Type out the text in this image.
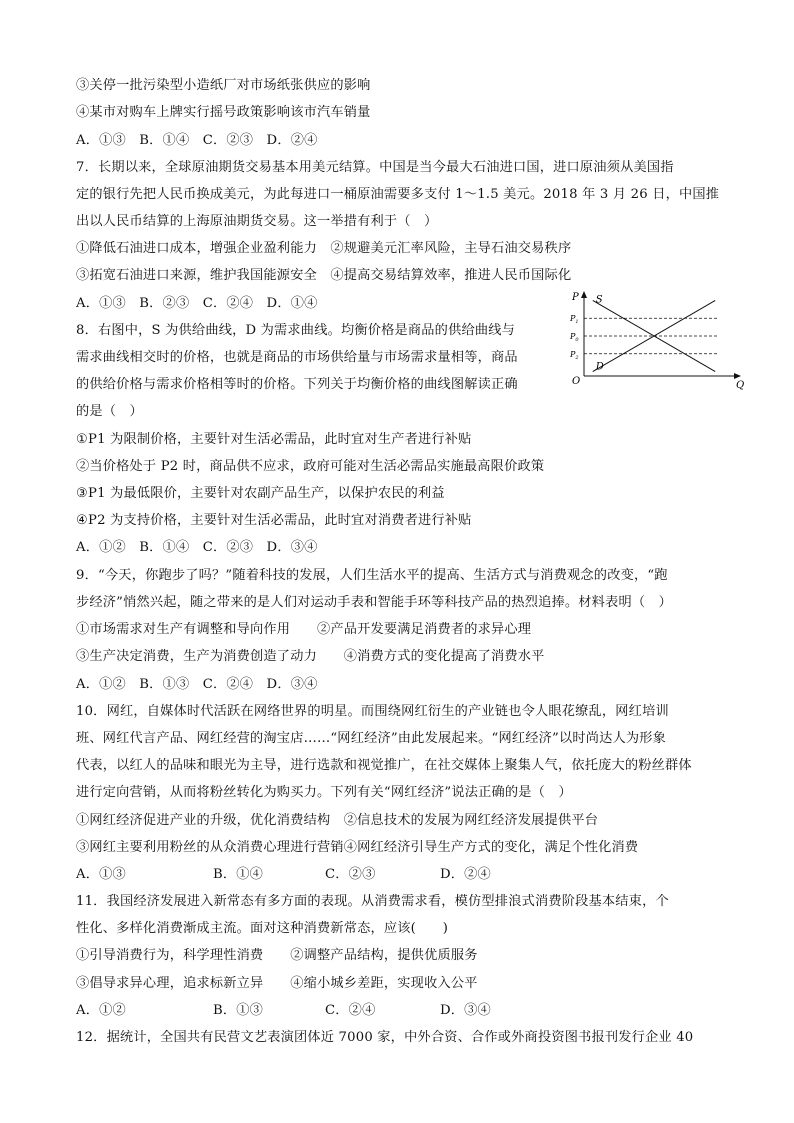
③关停一批污染型小造纸厂对市场纸张供应的影响
④某市对购车上牌实行摇号政策影响该市汽车销量
A．①③　B．①④　C．②③　D．②④
7．长期以来，全球原油期货交易基本用美元结算。中国是当今最大石油进口国，进口原油须从美国指
定的银行先把人民币换成美元，为此每进口一桶原油需要多支付 1～1.5 美元。2018 年 3 月 26 日，中国推
出以人民币结算的上海原油期货交易。这一举措有利于（　）
①降低石油进口成本，增强企业盈利能力　②规避美元汇率风险，主导石油交易秩序
③拓宽石油进口来源，维护我国能源安全　④提高交易结算效率，推进人民币国际化
A．①③　B．②③　C．②④　D．①④
8．右图中，S 为供给曲线，D 为需求曲线。均衡价格是商品的供给曲线与
需求曲线相交时的价格，也就是商品的市场供给量与市场需求量相等，商品
的供给价格与需求价格相等时的价格。下列关于均衡价格的曲线图解读正确
的是（　）
①P1 为限制价格，主要针对生活必需品，此时宜对生产者进行补贴
②当价格处于 P2 时，商品供不应求，政府可能对生活必需品实施最高限价政策
③P1 为最低限价，主要针对农副产品生产，以保护农民的利益
④P2 为支持价格，主要针对生活必需品，此时宜对消费者进行补贴
A．①②　B．①④　C．②③　D．③④
9．“今天，你跑步了吗？”随着科技的发展，人们生活水平的提高、生活方式与消费观念的改变，“跑
步经济”悄然兴起，随之带来的是人们对运动手表和智能手环等科技产品的热烈追捧。材料表明（　）
①市场需求对生产有调整和导向作用　　②产品开发要满足消费者的求异心理
③生产决定消费，生产为消费创造了动力　　④消费方式的变化提高了消费水平
A．①②　B．①③　C．②④　D．③④
10．网红，自媒体时代活跃在网络世界的明星。而围绕网红衍生的产业链也令人眼花缭乱，网红培训
班、网红代言产品、网红经营的淘宝店……“网红经济”由此发展起来。“网红经济”以时尚达人为形象
代表，以红人的品味和眼光为主导，进行选款和视觉推广，在社交媒体上聚集人气，依托庞大的粉丝群体
进行定向营销，从而将粉丝转化为购买力。下列有关“网红经济”说法正确的是（　）
①网红经济促进产业的升级，优化消费结构　②信息技术的发展为网红经济发展提供平台
③网红主要利用粉丝的从众消费心理进行营销④网红经济引导生产方式的变化，满足个性化消费
A．①③	B．①④	C．②③	D．②④
11．我国经济发展进入新常态有多方面的表现。从消费需求看，模仿型排浪式消费阶段基本结束，个
性化、多样化消费渐成主流。面对这种消费新常态，应该(　　)
①引导消费行为，科学理性消费　　②调整产品结构，提供优质服务
③倡导求异心理，追求标新立异　　④缩小城乡差距，实现收入公平
A．①②	B．①③	C．②④	D．③④
12．据统计，全国共有民营文艺表演团体近 7000 家，中外合资、合作或外商投资图书报刊发行企业 40
P
Q
O
$P_1$
$P_0$
$P_2$
S
D
